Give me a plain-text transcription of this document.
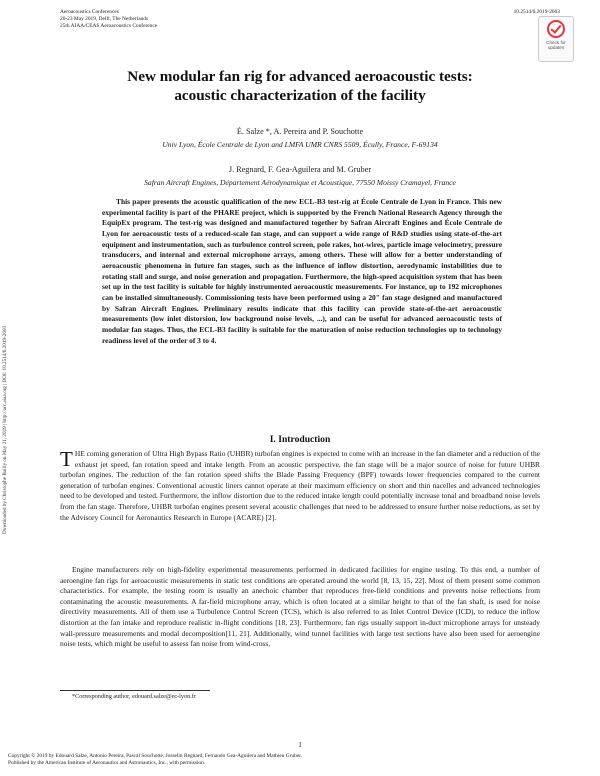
Aeroacoustics Conferences
20-23 May 2019, Delft, The Netherlands
25th AIAA/CEAS Aeroacoustics Conference
10.2514/6.2019-2603
Check for
updates
Downloaded by Christophe Bailly on May 21, 2019 | http://arc.aiaa.org | DOI: 10.2514/6.2019-2603
New modular fan rig for advanced aeroacoustic tests:
acoustic characterization of the facility
É. Salze *, A. Pereira and P. Souchotte
Univ Lyon, École Centrale de Lyon and LMFA UMR CNRS 5509, Écully, France, F-69134
J. Regnard, F. Gea-Aguilera and M. Gruber
Safran Aircraft Engines, Département Aérodynamique et Acoustique, 77550 Moissy Cramayel, France

This paper presents the acoustic qualification of the new ECL-B3 test-rig at École Centrale de Lyon in France. This new experimental facility is part of the PHARE project, which is supported by the French National Research Agency through the EquipEx program. The test-rig was designed and manufactured together by Safran Aircraft Engines and École Centrale de Lyon for aeroacoustic tests of a reduced-scale fan stage, and can support a wide range of R&D studies using state-of-the-art equipment and instrumentation, such as turbulence control screen, pole rakes, hot-wires, particle image velocimetry, pressure transducers, and internal and external microphone arrays, among others. These will allow for a better understanding of aeroacoustic phenomena in future fan stages, such as the influence of inflow distortion, aerodynamic instabilities due to rotating stall and surge, and noise generation and propagation. Furthermore, the high-speed acquisition system that has been set up in the test facility is suitable for highly instrumented aeroacoustic measurements. For instance, up to 192 microphones can be installed simultaneously. Commissioning tests have been performed using a 20" fan stage designed and manufactured by Safran Aircraft Engines. Preliminary results indicate that this facility can provide state-of-the-art aeroacoustic measurements (low inlet distorsion, low background noise levels, ...), and can be useful for advanced aeroacoustic tests of modular fan stages. Thus, the ECL-B3 facility is suitable for the maturation of noise reduction technologies up to technology readiness level of the order of 3 to 4.

I. Introduction

THE coming generation of Ultra High Bypass Ratio (UHBR) turbofan engines is expected to come with an increase in the fan diameter and a reduction of the exhaust jet speed, fan rotation speed and intake length. From an acoustic perspective, the fan stage will be a major source of noise for future UHBR turbofan engines. The reduction of the fan rotation speed shifts the Blade Passing Frequency (BPF) towards lower frequencies compared to the current generation of turbofan engines. Conventional acoustic liners cannot operate at their maximum efficiency on short and thin nacelles and advanced technologies need to be developed and tested. Furthermore, the inflow distortion due to the reduced intake length could potentially increase tonal and broadband noise levels from the fan stage. Therefore, UHBR turbofan engines present several acoustic challenges that need to be addressed to ensure further noise reductions, as set by the Advisory Council for Aeronautics Research in Europe (ACARE) [2].

Engine manufacturers rely on high-fidelity experimental measurements performed in dedicated facilities for engine testing. To this end, a number of aeroengine fan rigs for aeroacoustic measurements in static test conditions are operated around the world [8, 13, 15, 22]. Most of them present some common characteristics. For example, the testing room is usually an anechoic chamber that reproduces free-field conditions and prevents noise reflections from contaminating the acoustic measurements. A far-field microphone array, which is often located at a similar height to that of the fan shaft, is used for noise directivity measurements. All of them use a Turbulence Control Screen (TCS), which is also referred to as Inlet Control Device (ICD), to reduce the inflow distortion at the fan intake and reproduce realistic in-flight conditions [18, 23]. Furthermore, fan rigs usually support in-duct microphone arrays for unsteady wall-pressure measurements and modal decomposition[11, 21]. Additionally, wind tunnel facilities with large test sections have also been used for aeroengine noise tests, which might be useful to assess fan noise from wind-cross,

*Corresponding author, edouard.salze@ec-lyon.fr
1
Copyright © 2019 by Edouard Salze, Antonio Pereira, Pascal Souchotte, Josselin Regnard, Fernando Gea-Aguilera and Mathieu Gruber.
Published by the American Institute of Aeronautics and Astronautics, Inc., with permission.
